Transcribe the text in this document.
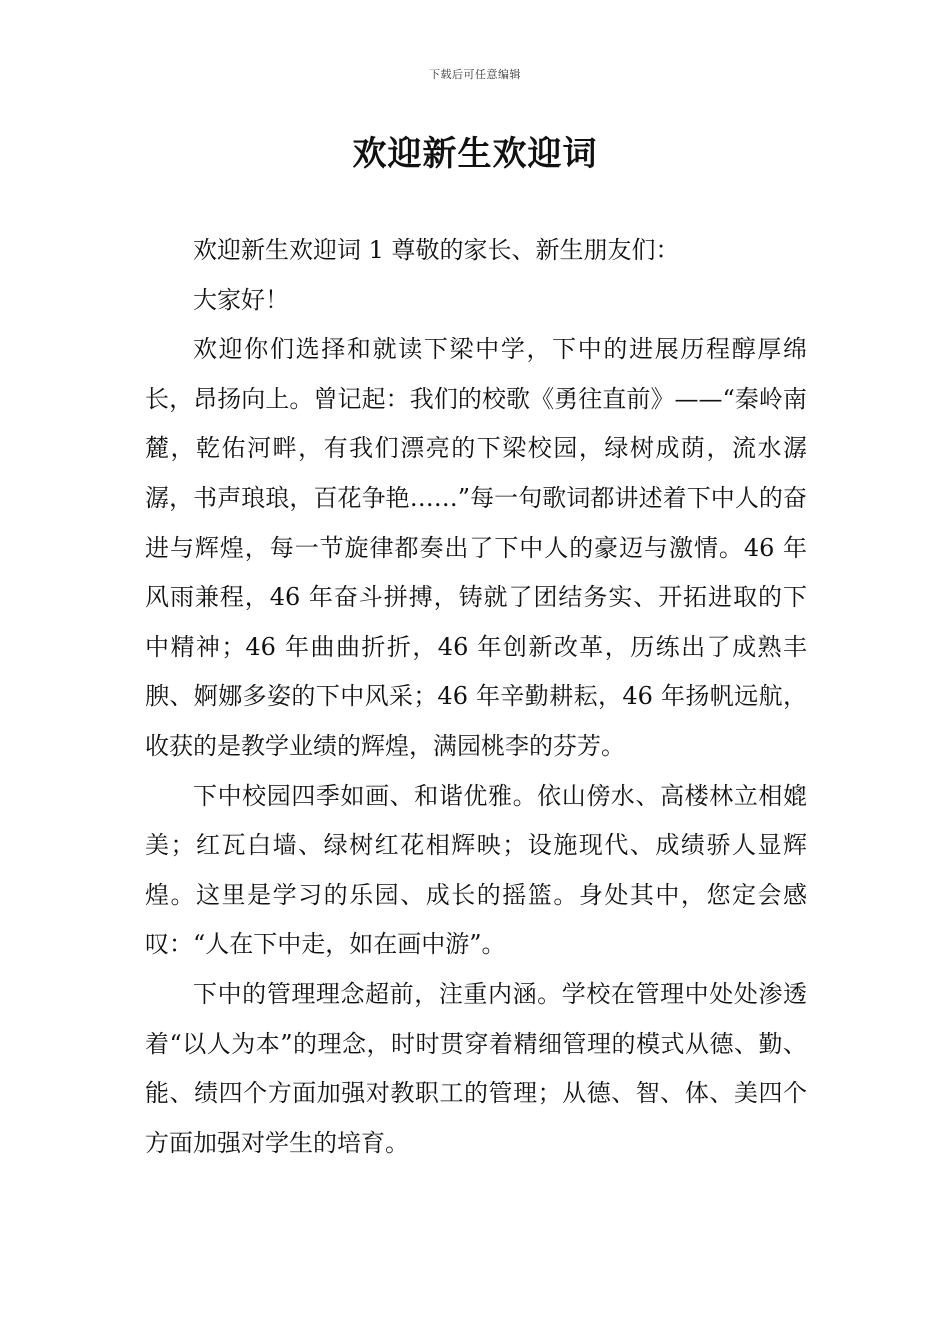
下载后可任意编辑
欢迎新生欢迎词

欢迎新生欢迎词 1 尊敬的家长、新生朋友们：

大家好！

欢迎你们选择和就读下梁中学，下中的进展历程醇厚绵长，昂扬向上。曾记起：我们的校歌《勇往直前》——“秦岭南麓，乾佑河畔，有我们漂亮的下梁校园，绿树成荫，流水潺潺，书声琅琅，百花争艳……”每一句歌词都讲述着下中人的奋进与辉煌，每一节旋律都奏出了下中人的豪迈与激情。46 年风雨兼程，46 年奋斗拼搏，铸就了团结务实、开拓进取的下中精神；46 年曲曲折折，46 年创新改革，历练出了成熟丰腴、婀娜多姿的下中风采；46 年辛勤耕耘，46 年扬帆远航，收获的是教学业绩的辉煌，满园桃李的芬芳。

下中校园四季如画、和谐优雅。依山傍水、高楼林立相媲美；红瓦白墙、绿树红花相辉映；设施现代、成绩骄人显辉煌。这里是学习的乐园、成长的摇篮。身处其中，您定会感叹：“人在下中走，如在画中游”。

下中的管理理念超前，注重内涵。学校在管理中处处渗透着“以人为本”的理念，时时贯穿着精细管理的模式从德、勤、能、绩四个方面加强对教职工的管理；从德、智、体、美四个方面加强对学生的培育。
